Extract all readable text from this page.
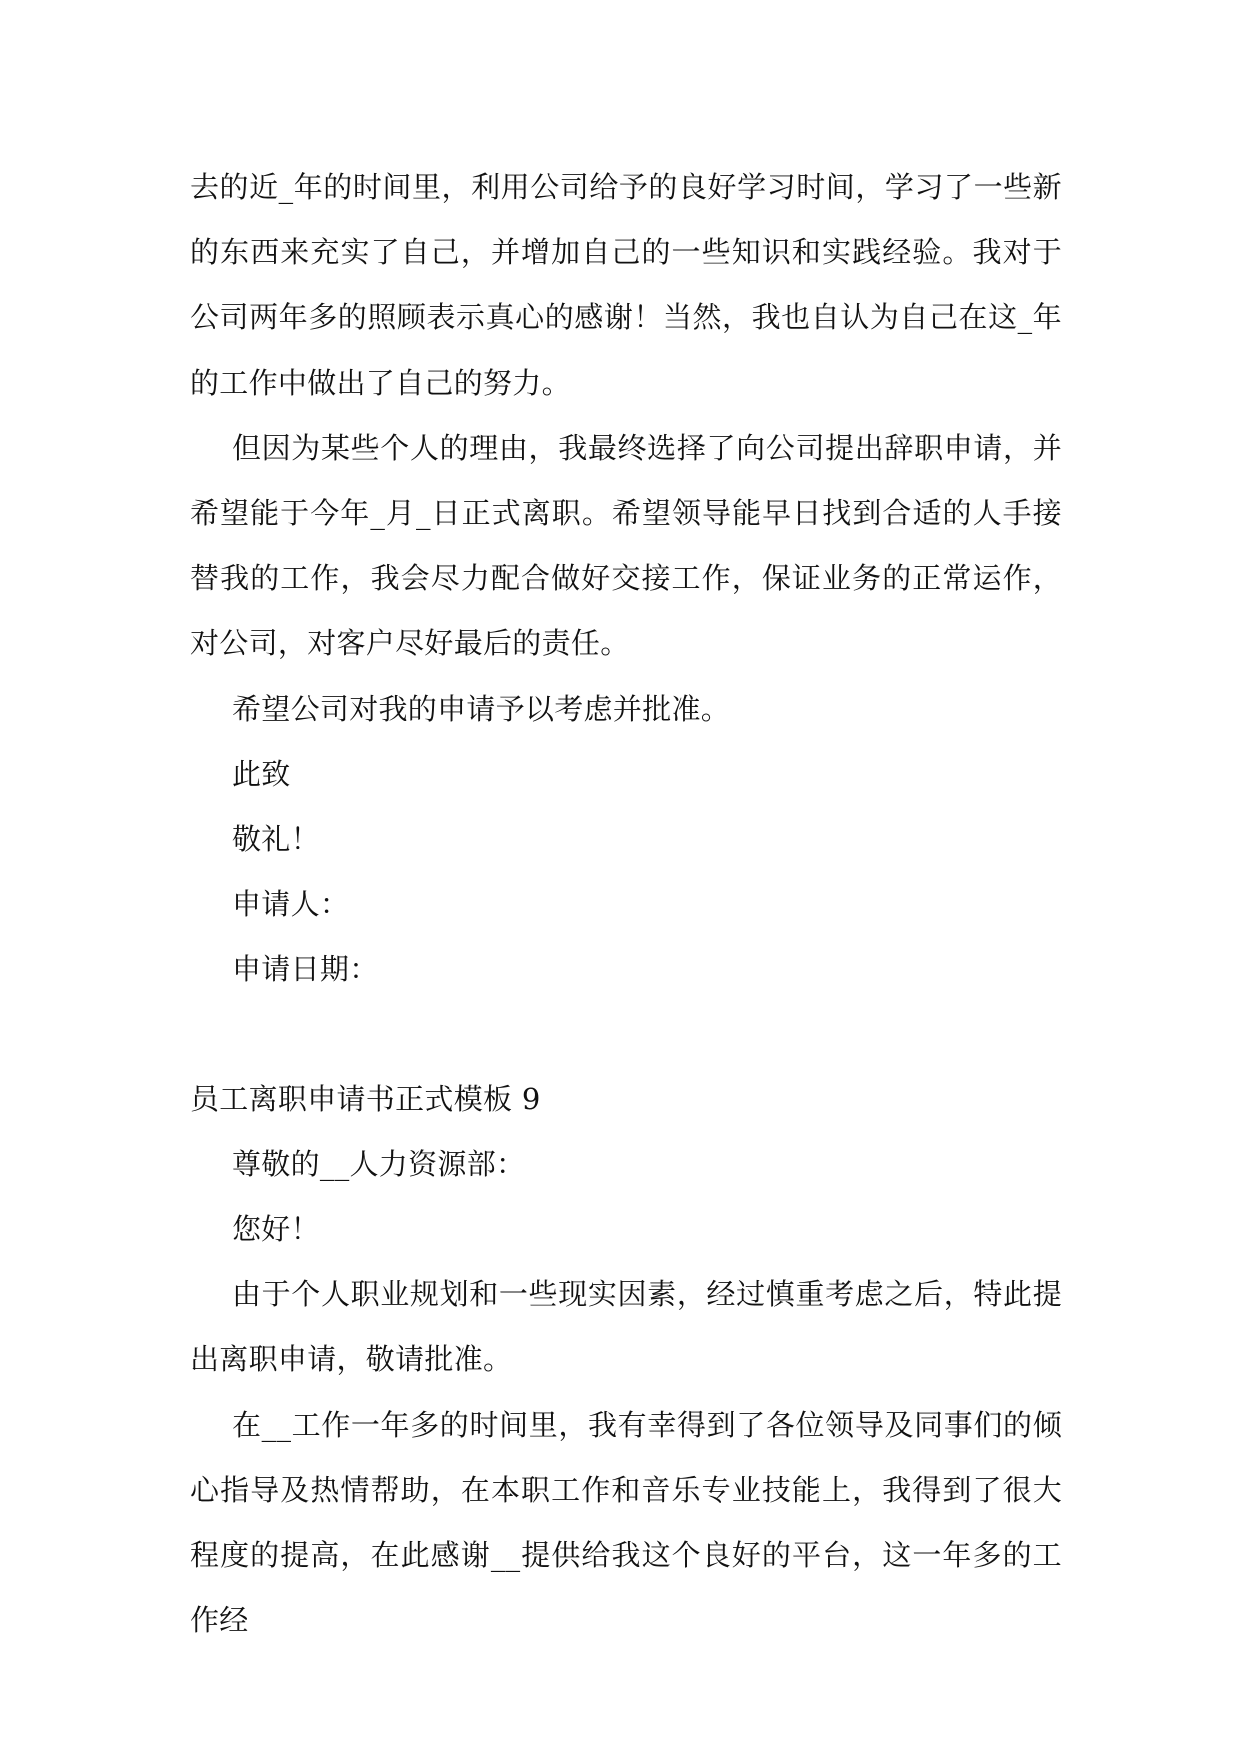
去的近_年的时间里，利用公司给予的良好学习时间，学习了一些新的东西来充实了自己，并增加自己的一些知识和实践经验。我对于公司两年多的照顾表示真心的感谢！当然，我也自认为自己在这_年的工作中做出了自己的努力。

但因为某些个人的理由，我最终选择了向公司提出辞职申请，并希望能于今年_月_日正式离职。希望领导能早日找到合适的人手接替我的工作，我会尽力配合做好交接工作，保证业务的正常运作，对公司，对客户尽好最后的责任。

希望公司对我的申请予以考虑并批准。

此致

敬礼！

申请人：

申请日期：

员工离职申请书正式模板 9

尊敬的__人力资源部：

您好！

由于个人职业规划和一些现实因素，经过慎重考虑之后，特此提出离职申请，敬请批准。

在__工作一年多的时间里，我有幸得到了各位领导及同事们的倾心指导及热情帮助，在本职工作和音乐专业技能上，我得到了很大程度的提高，在此感谢__提供给我这个良好的平台，这一年多的工作经
